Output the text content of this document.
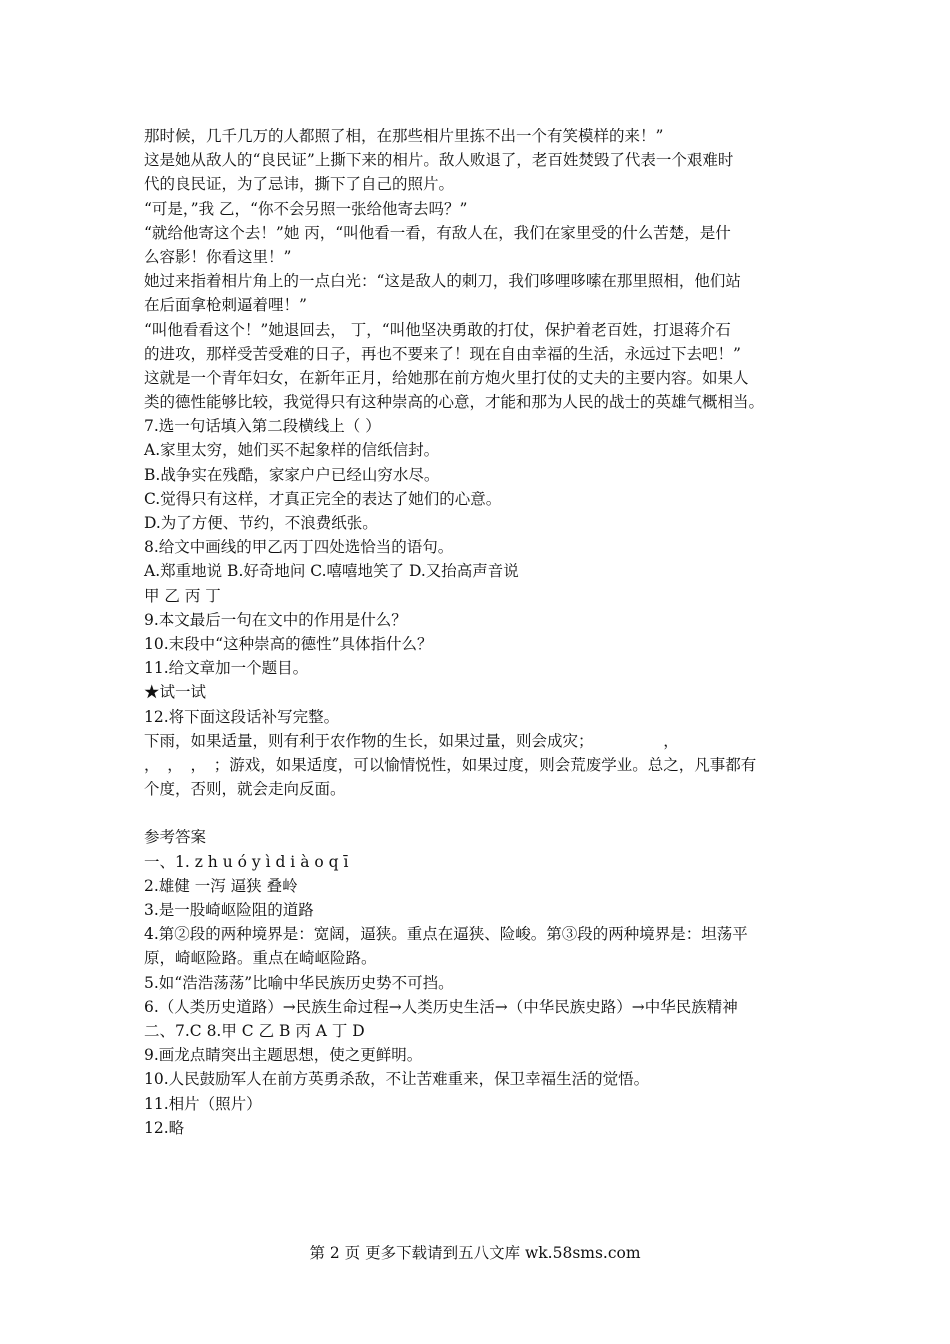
那时候，几千几万的人都照了相，在那些相片里拣不出一个有笑模样的来！”
这是她从敌人的“良民证”上撕下来的相片。敌人败退了，老百姓焚毁了代表一个艰难时
代的良民证，为了忌讳，撕下了自己的照片。
“可是，”我 乙，“你不会另照一张给他寄去吗？”
“就给他寄这个去！”她 丙，“叫他看一看，有敌人在，我们在家里受的什么苦楚，是什
么容影！你看这里！”
她过来指着相片角上的一点白光：“这是敌人的刺刀，我们哆哩哆嗦在那里照相，他们站
在后面拿枪刺逼着哩！”
“叫他看看这个！”她退回去， 丁，“叫他坚决勇敢的打仗，保护着老百姓，打退蒋介石
的进攻，那样受苦受难的日子，再也不要来了！现在自由幸福的生活，永远过下去吧！”
这就是一个青年妇女，在新年正月，给她那在前方炮火里打仗的丈夫的主要内容。如果人
类的德性能够比较，我觉得只有这种崇高的心意，才能和那为人民的战士的英雄气概相当。
7.选一句话填入第二段横线上（ ）
A.家里太穷，她们买不起象样的信纸信封。
B.战争实在残酷，家家户户已经山穷水尽。
C.觉得只有这样，才真正完全的表达了她们的心意。
D.为了方便、节约，不浪费纸张。
8.给文中画线的甲乙丙丁四处选恰当的语句。
A.郑重地说 B.好奇地问 C.嘻嘻地笑了 D.又抬高声音说
甲 乙 丙 丁
9.本文最后一句在文中的作用是什么？
10.末段中“这种崇高的德性”具体指什么？
11.给文章加一个题目。
★试一试
12.将下面这段话补写完整。
下雨，如果适量，则有利于农作物的生长，如果过量，则会成灾；　　　　　，
，　，　，　；游戏，如果适度，可以愉情悦性，如果过度，则会荒废学业。总之，凡事都有
个度，否则，就会走向反面。
参考答案
一、1. z h u ó y ì d i à o q ī
2.雄健 一泻 逼狭 叠岭
3.是一股崎岖险阻的道路
4.第②段的两种境界是：宽阔，逼狭。重点在逼狭、险峻。第③段的两种境界是：坦荡平
原，崎岖险路。重点在崎岖险路。
5.如“浩浩荡荡”比喻中华民族历史势不可挡。
6.（人类历史道路）→民族生命过程→人类历史生活→（中华民族史路）→中华民族精神
二、7.C 8.甲 C 乙 B 丙 A 丁 D
9.画龙点睛突出主题思想，使之更鲜明。
10.人民鼓励军人在前方英勇杀敌，不让苦难重来，保卫幸福生活的觉悟。
11.相片（照片）
12.略
第 2 页 更多下载请到五八文库 wk.58sms.com
